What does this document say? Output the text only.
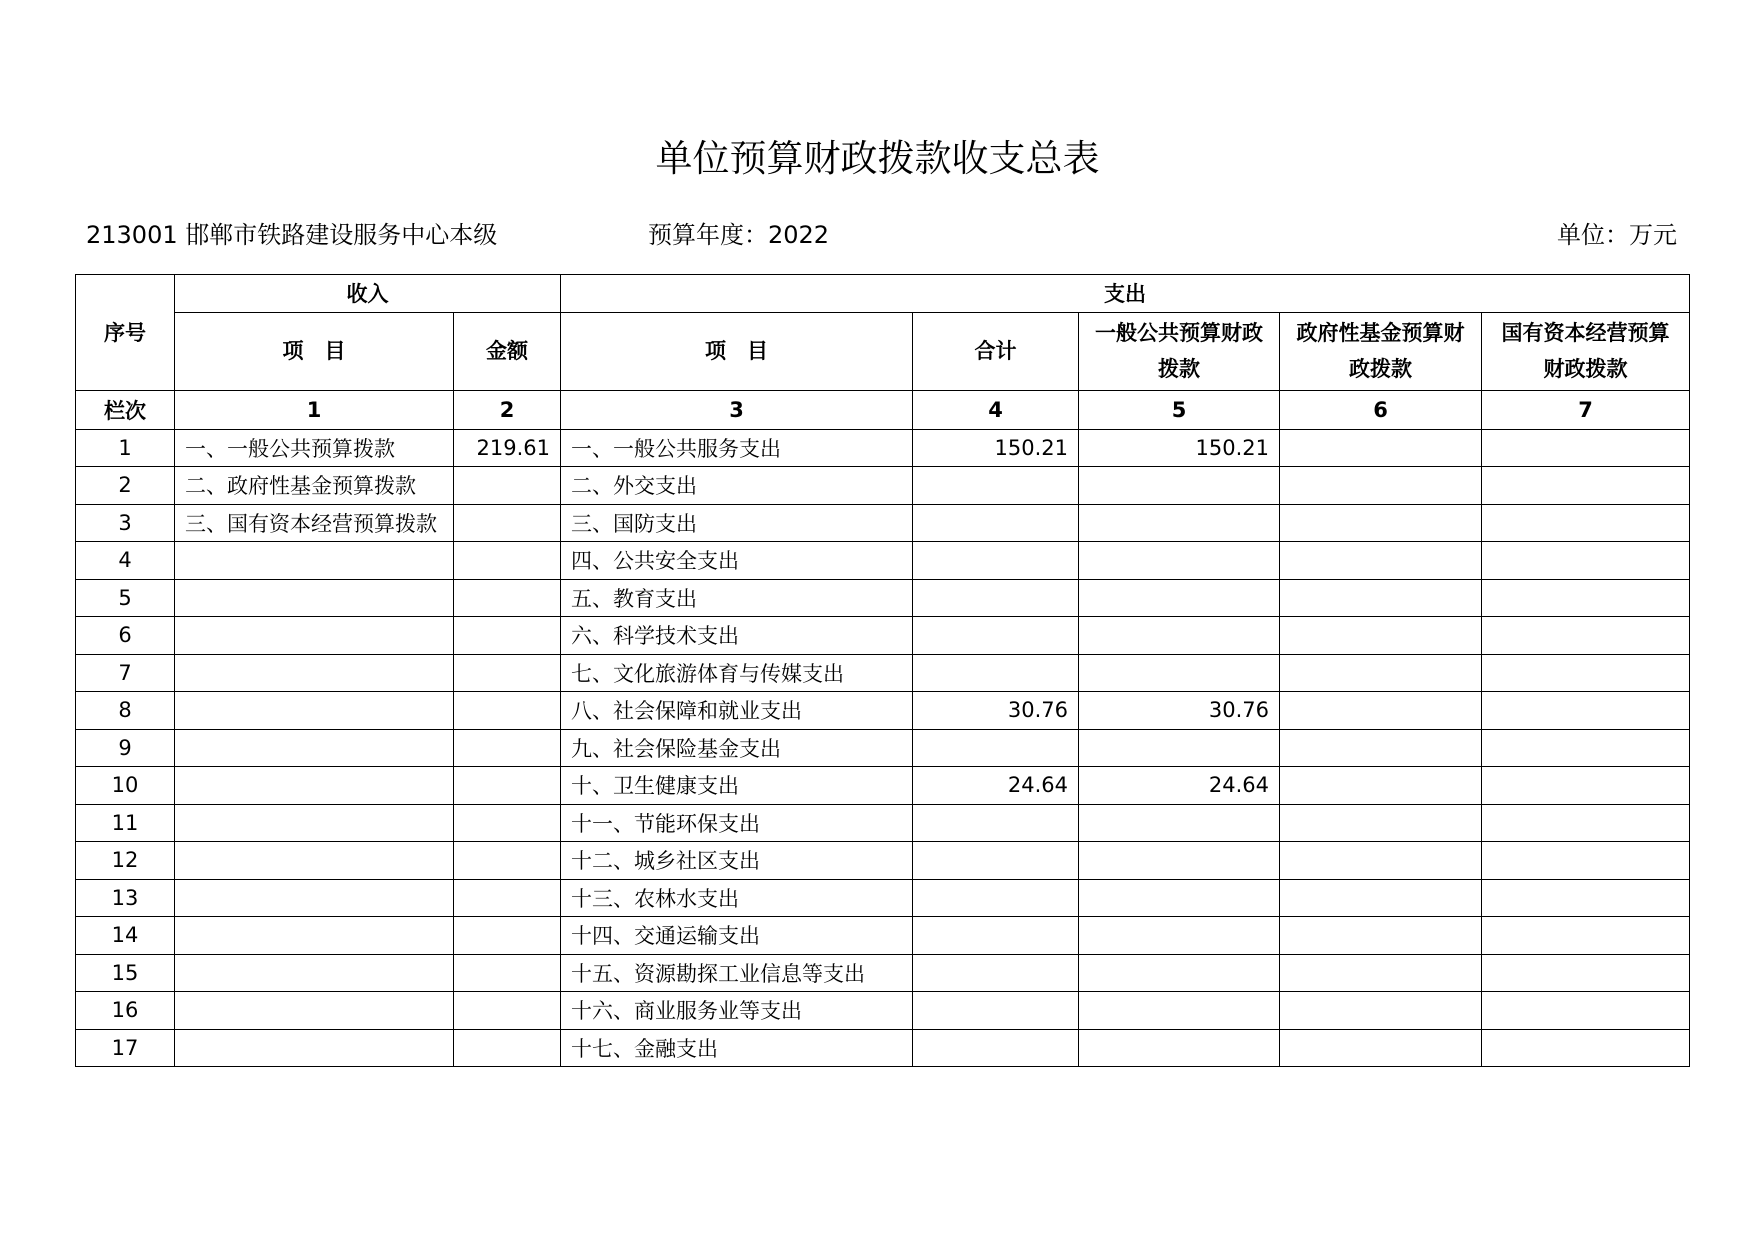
单位预算财政拨款收支总表
213001 邯郸市铁路建设服务中心本级	预算年度：2022	单位：万元
序号	收入		支出				
	项　目	金额	项　目	合计	一般公共预算财政拨款	政府性基金预算财政拨款	国有资本经营预算财政拨款
栏次	1	2	3	4	5	6	7
1	一、一般公共预算拨款	219.61	一、一般公共服务支出	150.21	150.21		
2	二、政府性基金预算拨款		二、外交支出				
3	三、国有资本经营预算拨款		三、国防支出				
4			四、公共安全支出				
5			五、教育支出				
6			六、科学技术支出				
7			七、文化旅游体育与传媒支出				
8			八、社会保障和就业支出	30.76	30.76		
9			九、社会保险基金支出				
10			十、卫生健康支出	24.64	24.64		
11			十一、节能环保支出				
12			十二、城乡社区支出				
13			十三、农林水支出				
14			十四、交通运输支出				
15			十五、资源勘探工业信息等支出				
16			十六、商业服务业等支出				
17			十七、金融支出				
